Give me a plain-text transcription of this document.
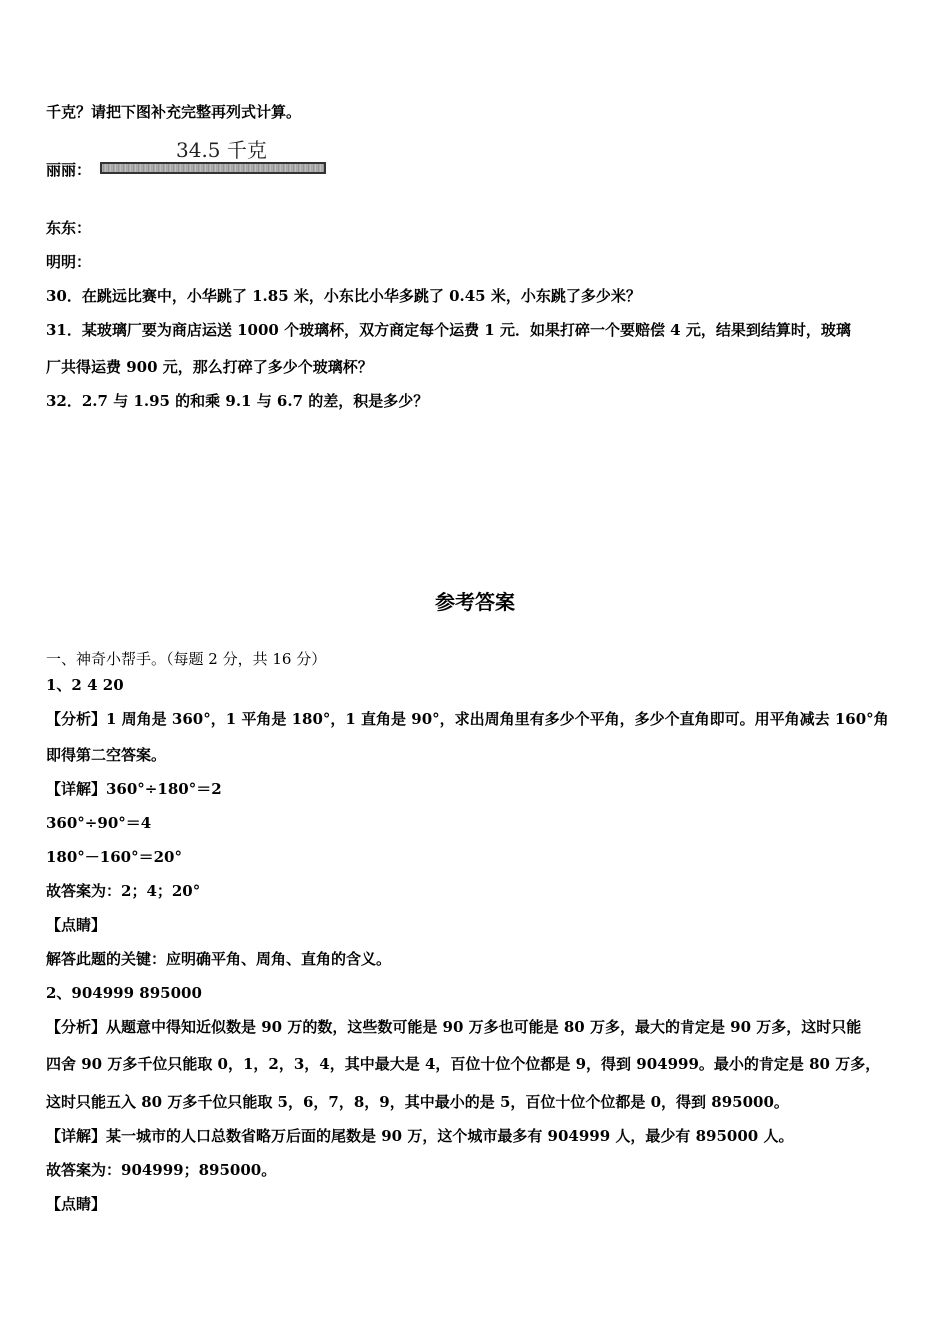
千克？请把下图补充完整再列式计算。
34.5 千克
丽丽：
东东：
明明：
30．在跳远比赛中，小华跳了 1.85 米，小东比小华多跳了 0.45 米，小东跳了多少米？
31．某玻璃厂要为商店运送 1000 个玻璃杯，双方商定每个运费 1 元．如果打碎一个要赔偿 4 元，结果到结算时，玻璃
厂共得运费 900 元，那么打碎了多少个玻璃杯？
32．2.7 与 1.95 的和乘 9.1 与 6.7 的差，积是多少？
参考答案
一、神奇小帮手。（每题 2 分，共 16 分）
1、2 4 20
【分析】1 周角是 360°，1 平角是 180°，1 直角是 90°，求出周角里有多少个平角，多少个直角即可。用平角减去 160°角
即得第二空答案。
【详解】360°÷180°＝2
360°÷90°＝4
180°－160°＝20°
故答案为：2；4；20°
【点睛】
解答此题的关键：应明确平角、周角、直角的含义。
2、904999 895000
【分析】从题意中得知近似数是 90 万的数，这些数可能是 90 万多也可能是 80 万多，最大的肯定是 90 万多，这时只能
四舍 90 万多千位只能取 0，1，2，3，4，其中最大是 4，百位十位个位都是 9，得到 904999。最小的肯定是 80 万多，
这时只能五入 80 万多千位只能取 5，6，7，8，9，其中最小的是 5，百位十位个位都是 0，得到 895000。
【详解】某一城市的人口总数省略万后面的尾数是 90 万，这个城市最多有 904999 人，最少有 895000 人。
故答案为：904999；895000。
【点睛】
